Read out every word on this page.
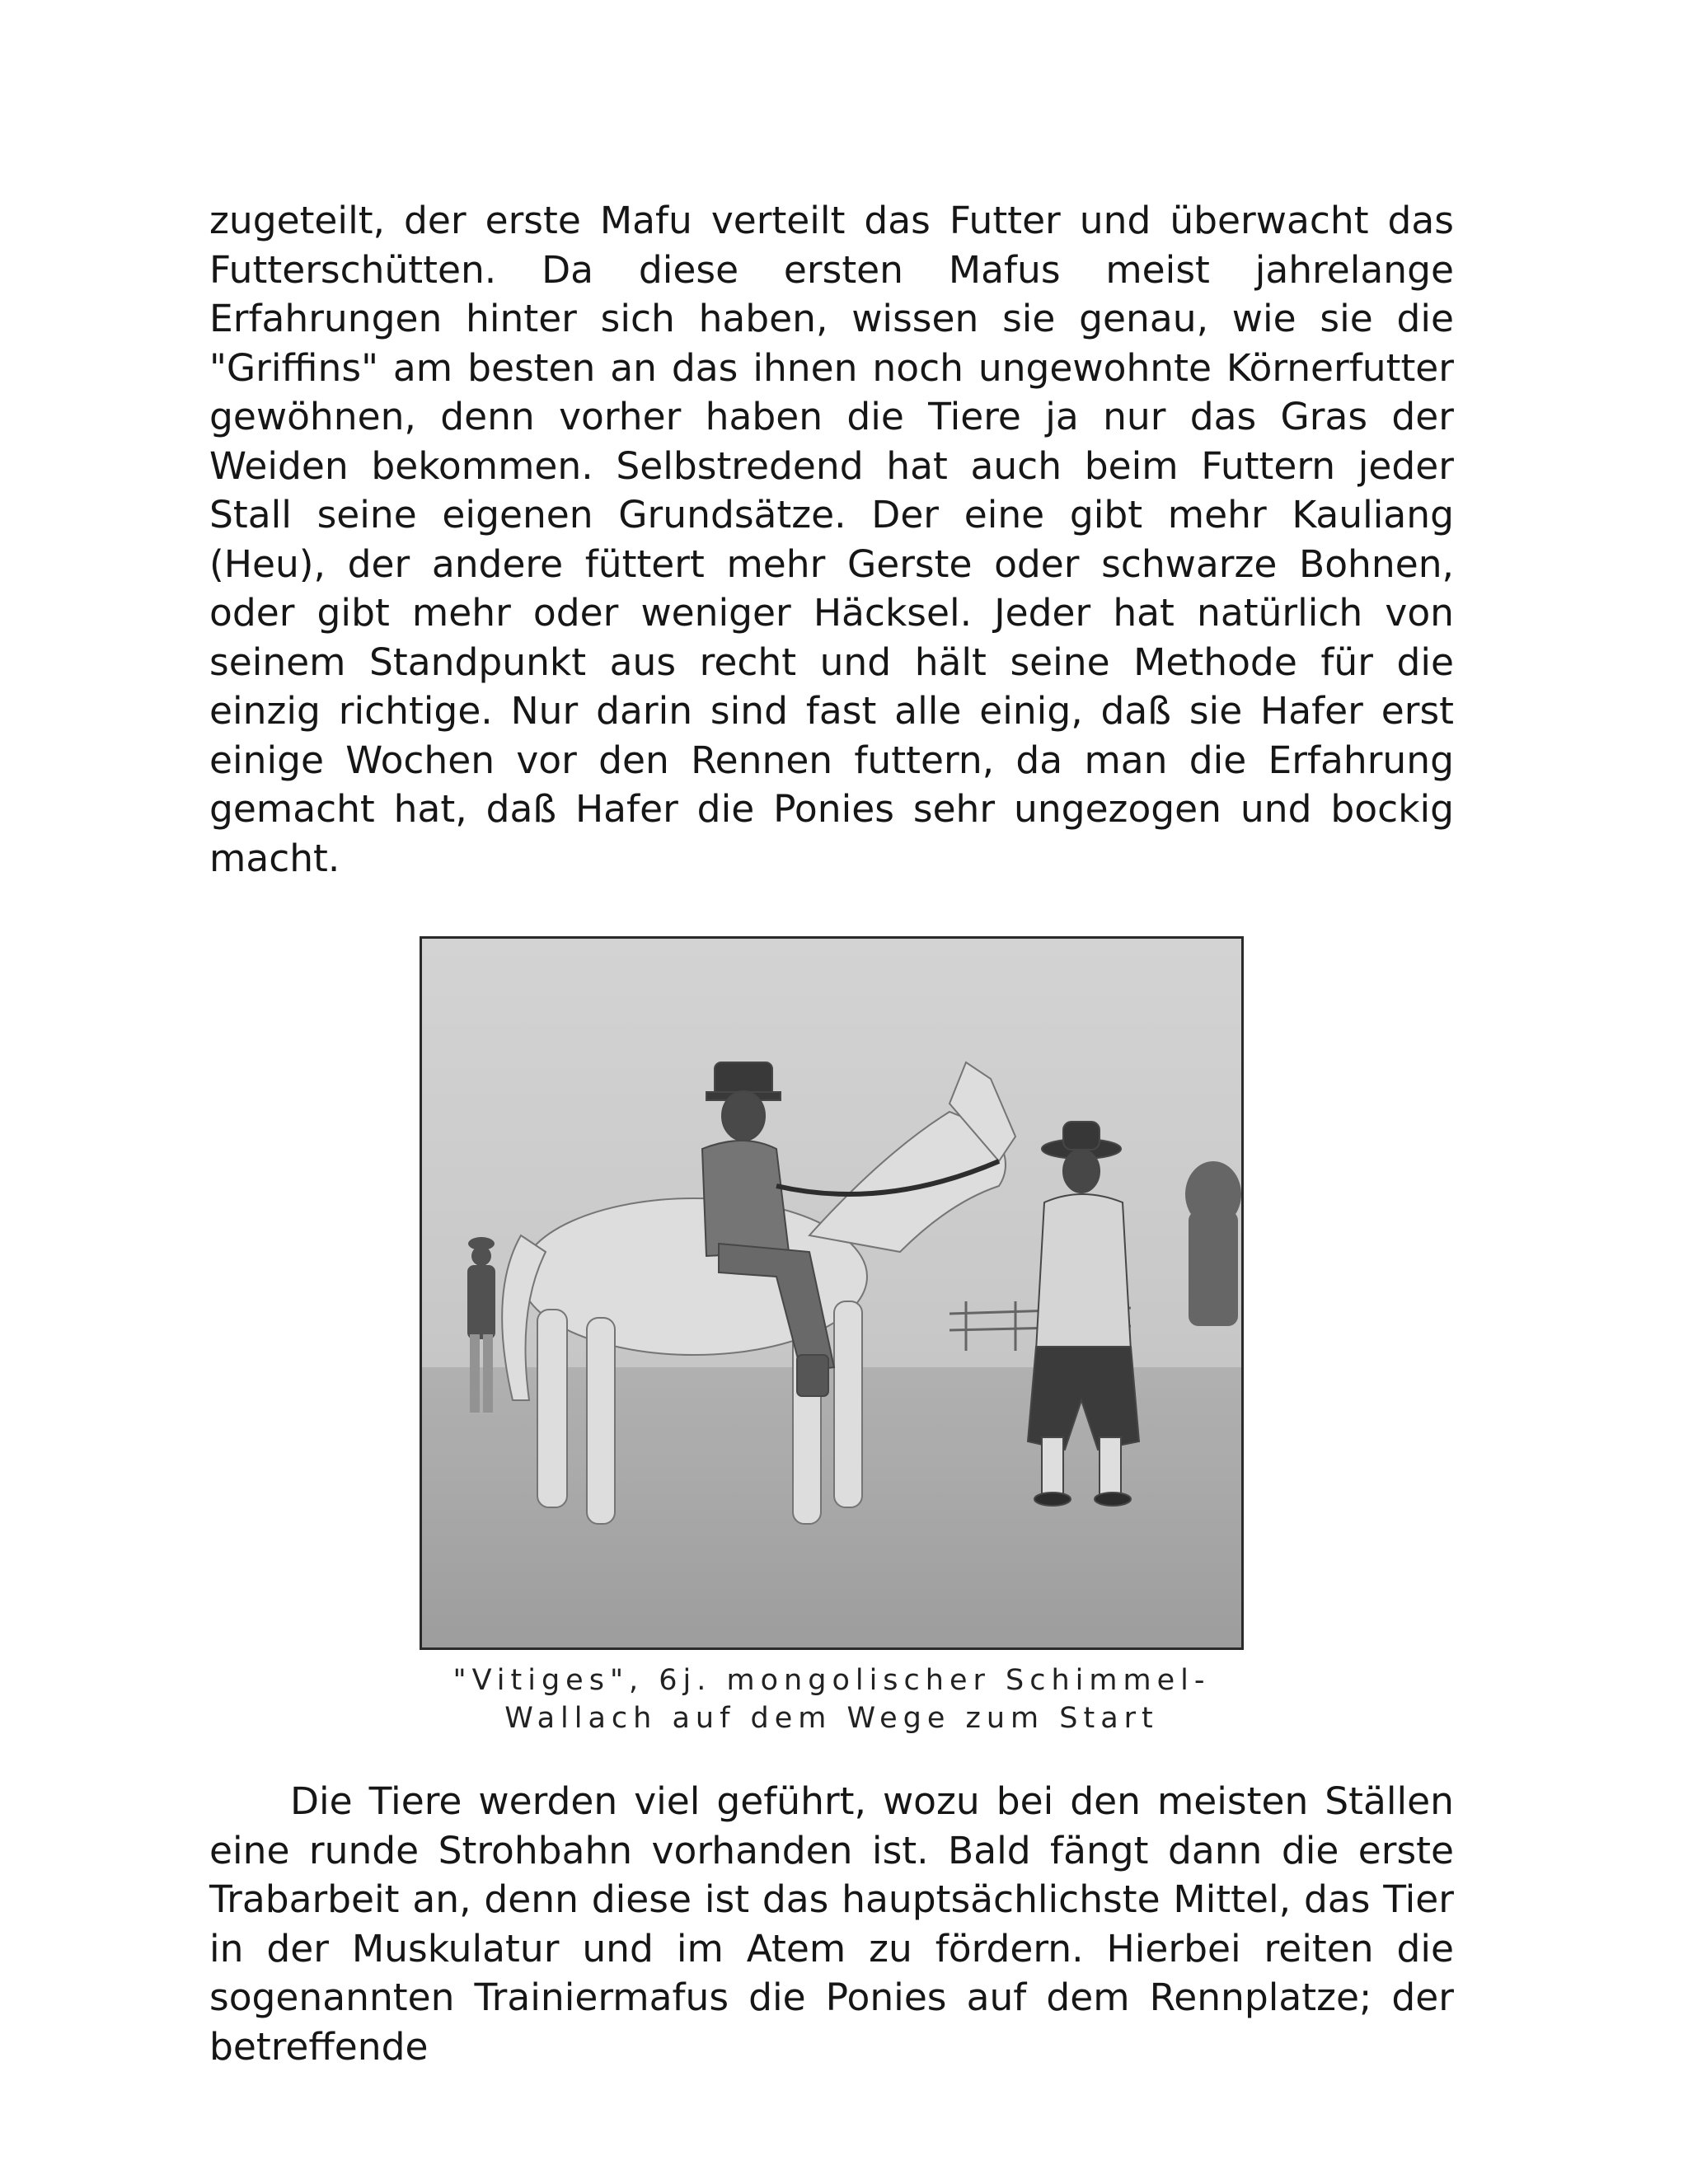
zugeteilt, der erste Mafu verteilt das Futter und überwacht das Futterschütten. Da diese ersten Mafus meist jahrelange Erfahrungen hinter sich haben, wissen sie genau, wie sie die "Griffins" am besten an das ihnen noch ungewohnte Körnerfutter gewöhnen, denn vorher haben die Tiere ja nur das Gras der Weiden bekommen. Selbstredend hat auch beim Futtern jeder Stall seine eigenen Grundsätze. Der eine gibt mehr Kauliang (Heu), der andere füttert mehr Gerste oder schwarze Bohnen, oder gibt mehr oder weniger Häcksel. Jeder hat natürlich von seinem Standpunkt aus recht und hält seine Methode für die einzig richtige. Nur darin sind fast alle einig, daß sie Hafer erst einige Wochen vor den Rennen futtern, da man die Erfahrung gemacht hat, daß Hafer die Ponies sehr ungezogen und bockig macht.

"Vitiges", 6j. mongolischer Schimmel-
Wallach auf dem Wege zum Start

Die Tiere werden viel geführt, wozu bei den meisten Ställen eine runde Strohbahn vorhanden ist. Bald fängt dann die erste Trabarbeit an, denn diese ist das hauptsächlichste Mittel, das Tier in der Muskulatur und im Atem zu fördern. Hierbei reiten die sogenannten Trainiermafus die Ponies auf dem Rennplatze; der betreffende
